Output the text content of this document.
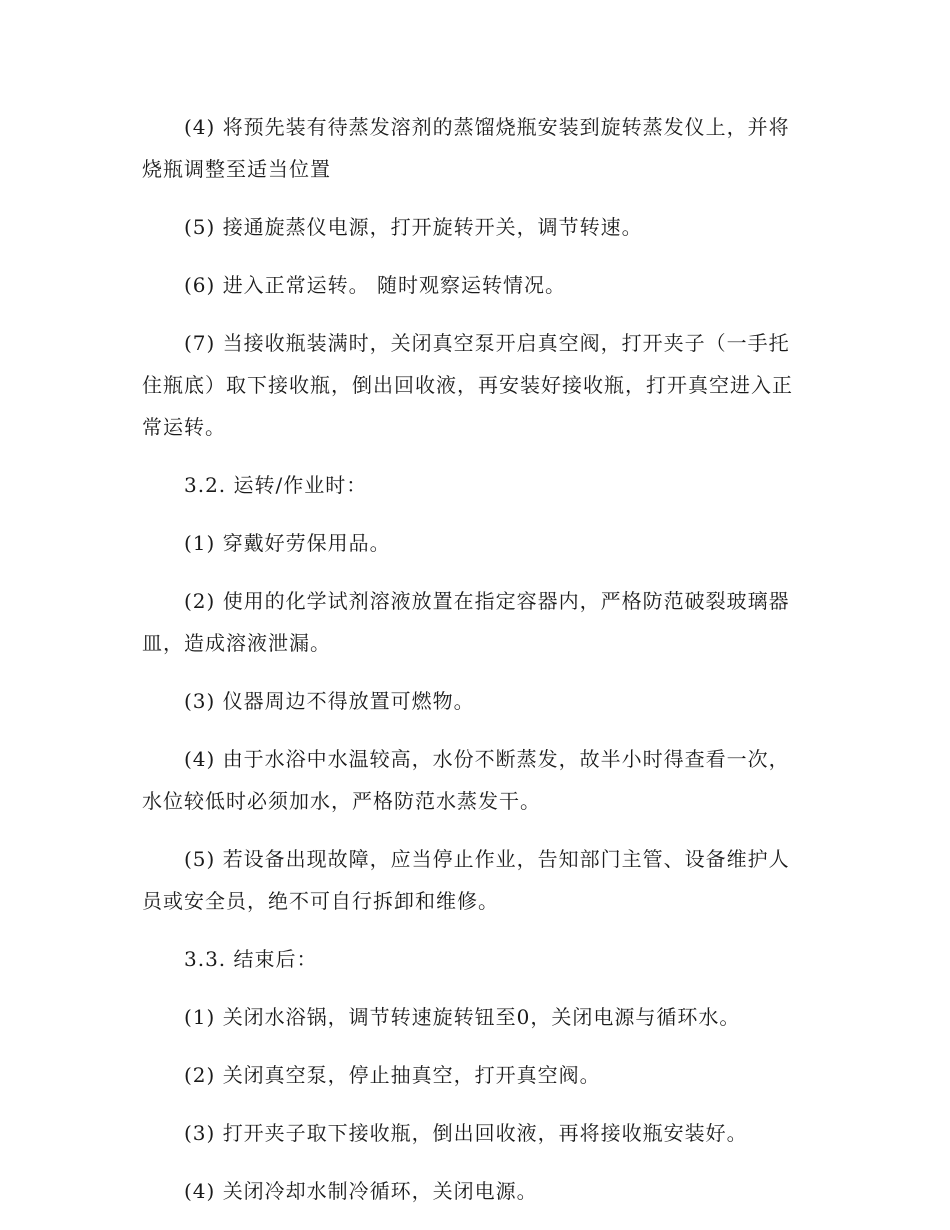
(4) 将预先装有待蒸发溶剂的蒸馏烧瓶安装到旋转蒸发仪上，并将烧瓶调整至适当位置

(5) 接通旋蒸仪电源，打开旋转开关，调节转速。

(6) 进入正常运转。 随时观察运转情况。

(7) 当接收瓶装满时，关闭真空泵开启真空阀，打开夹子（一手托住瓶底）取下接收瓶，倒出回收液，再安装好接收瓶，打开真空进入正常运转。

3.2. 运转/作业时：

(1) 穿戴好劳保用品。

(2) 使用的化学试剂溶液放置在指定容器内，严格防范破裂玻璃器皿，造成溶液泄漏。

(3) 仪器周边不得放置可燃物。

(4) 由于水浴中水温较高，水份不断蒸发，故半小时得查看一次，水位较低时必须加水，严格防范水蒸发干。

(5) 若设备出现故障，应当停止作业，告知部门主管、设备维护人员或安全员，绝不可自行拆卸和维修。

3.3. 结束后：

(1) 关闭水浴锅，调节转速旋转钮至0，关闭电源与循环水。

(2) 关闭真空泵，停止抽真空，打开真空阀。

(3) 打开夹子取下接收瓶，倒出回收液，再将接收瓶安装好。

(4) 关闭冷却水制冷循环，关闭电源。
